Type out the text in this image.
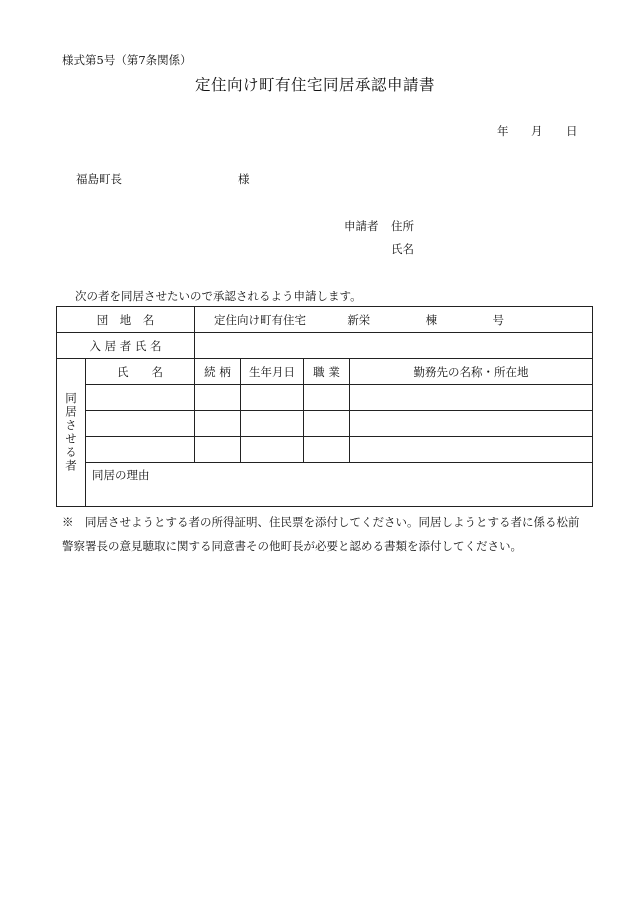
様式第5号（第7条関係）
定住向け町有住宅同居承認申請書
年 月 日
福島町長	様
申請者 住所
氏名
次の者を同居させたいので承認されるよう申請します。
団　地　名		定住向け町有住宅 新栄 棟 号			
入 居 者 氏 名					

同居させる者	氏　　名	続 柄	生年月日	職 業	勤務先の名称・所在地

	同居の理由				
※　同居させようとする者の所得証明、住民票を添付してください。同居しようとする者に係る松前
警察署長の意見聴取に関する同意書その他町長が必要と認める書類を添付してください。
